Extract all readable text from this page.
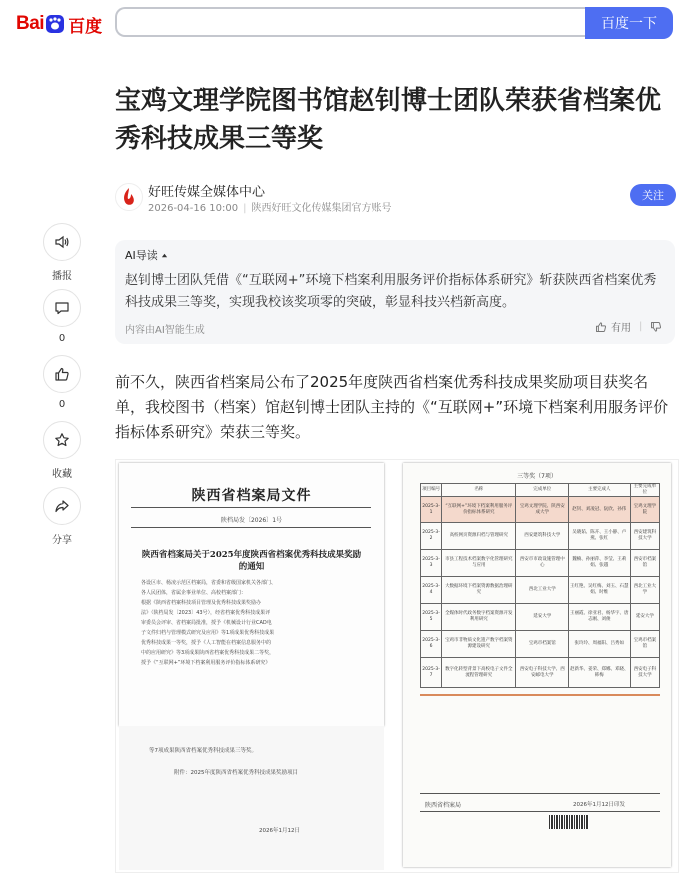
Bai 百度	百度一下
宝鸡文理学院图书馆赵钊博士团队荣获省档案优秀科技成果三等奖
好旺传媒全媒体中心
2026-04-16 10:00 | 陕西好旺文化传媒集团官方账号
关注
播报
0
0
收藏
分享
AI导读

赵钊博士团队凭借《“互联网+”环境下档案利用服务评价指标体系研究》斩获陕西省档案优秀科技成果三等奖，实现我校该奖项零的突破，彰显科技兴档新高度。

内容由AI智能生成	有用 |

前不久，陕西省档案局公布了2025年度陕西省档案优秀科技成果奖励项目获奖名单，我校图书（档案）馆赵钊博士团队主持的《“互联网+”环境下档案利用服务评价指标体系研究》荣获三等奖。

陕西省档案局文件
陕档局发〔2026〕1号
陕西省档案局关于2025年度陕西省档案优秀科技成果奖励的通知
各设区市、杨凌示范区档案局，省委和省级国家机关各部门、
各人民团体，省属企事业单位、高校档案部门：
根据《陕西省档案科技项目管理及优秀科技成果奖励办
法》（陕档局发〔2023〕43号），经省档案优秀科技成果评
审委员会评审、省档案局批准，授予《机械设计行业CAD电
子文件归档与管理模式研究及应用》等1项成果优秀科技成果
优秀科技成果一等奖，授予《人工智能在档案信息服务中的
中的应用研究》等3项成果陕西省档案优秀科技成果二等奖，
授予《“互联网+”环境下档案利用服务评价指标体系研究》
等7项成果陕西省档案优秀科技成果三等奖。
附件：2025年度陕西省档案优秀科技成果奖励项目
2026年1月12日
三等奖（7项）
项目编号	名称	完成单位	主要完成人	主要完成单位
2025-3-1	“互联网+”环境下档案利用服务评价指标体系研究	宝鸡文理学院、陕西安成大学	赵钊、刘凌冠、阮欣、孙伟	宝鸡文理学院
2025-3-2	高校网页资源归档与管理研究	西安建筑科技大学	吴晓茹、陈卉、王小静、卢燕、张红	西安建筑科技大学
2025-3-3	市县工程技术档案数字化管理研究与应用	西安市市政设施管理中心	魏楠、孙丽萍、李莹、王莉娟、张越	西安市档案馆
2025-3-4	大数据环境下档案资源数据治理研究	西北工业大学	王红艳、吴红梅、刘玉、石慧娟、时维	西北工业大学
2025-3-5	全媒体时代政务数字档案资源开发利用研究	延安大学	王丽霞、徐亚君、杨华宇、唐志刚、刘俊	延安大学
2025-3-6	宝鸡市非物质文化遗产数字档案资源建设研究	宝鸡市档案馆	张玲玲、周福阳、吕秀如	宝鸡市档案馆
2025-3-7	数字化转型背景下高校电子文件全流程管理研究	西安电子科技大学、西安邮电大学	赵新华、姜荣、郑娜、邓晓、韩梅	西安电子科技大学
陕西省档案局	2026年1月12日印发
